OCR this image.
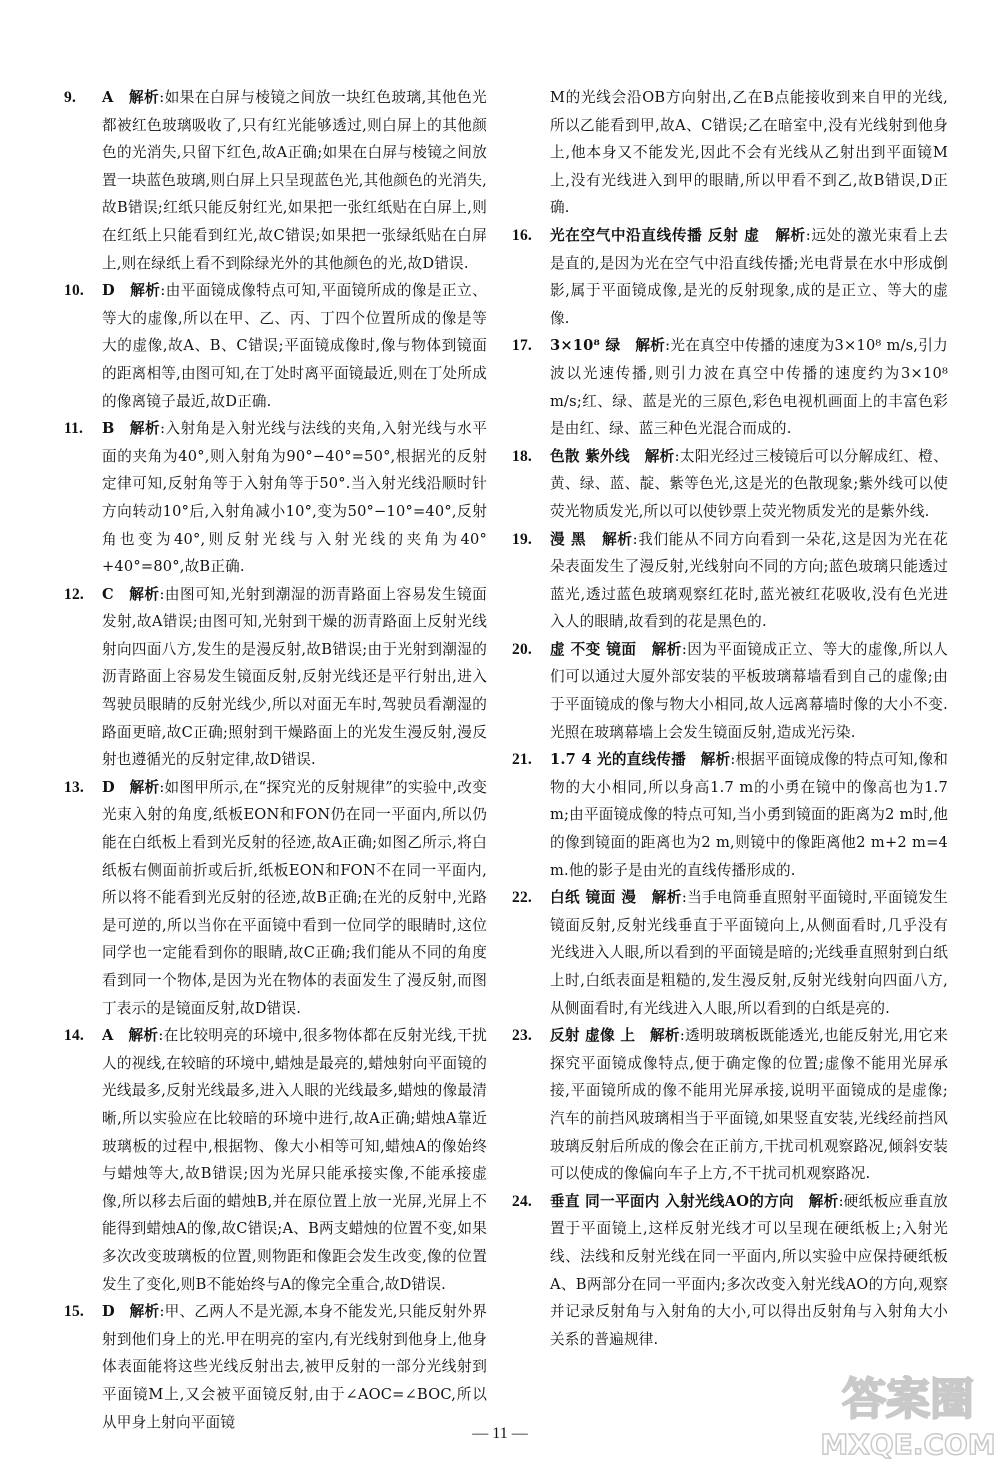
9. A 解析:如果在白屏与棱镜之间放一块红色玻璃,其他色光都被红色玻璃吸收了,只有红光能够透过,则白屏上的其他颜色的光消失,只留下红色,故A正确;如果在白屏与棱镜之间放置一块蓝色玻璃,则白屏上只呈现蓝色光,其他颜色的光消失,故B错误;红纸只能反射红光,如果把一张红纸贴在白屏上,则在红纸上只能看到红光,故C错误;如果把一张绿纸贴在白屏上,则在绿纸上看不到除绿光外的其他颜色的光,故D错误.

10. D 解析:由平面镜成像特点可知,平面镜所成的像是正立、等大的虚像,所以在甲、乙、丙、丁四个位置所成的像是等大的虚像,故A、B、C错误;平面镜成像时,像与物体到镜面的距离相等,由图可知,在丁处时离平面镜最近,则在丁处所成的像离镜子最近,故D正确.

11. B 解析:入射角是入射光线与法线的夹角,入射光线与水平面的夹角为40°,则入射角为90°−40°=50°,根据光的反射定律可知,反射角等于入射角等于50°.当入射光线沿顺时针方向转动10°后,入射角减小10°,变为50°−10°=40°,反射角也变为40°,则反射光线与入射光线的夹角为40°+40°=80°,故B正确.

12. C 解析:由图可知,光射到潮湿的沥青路面上容易发生镜面发射,故A错误;由图可知,光射到干燥的沥青路面上反射光线射向四面八方,发生的是漫反射,故B错误;由于光射到潮湿的沥青路面上容易发生镜面反射,反射光线还是平行射出,进入驾驶员眼睛的反射光线少,所以对面无车时,驾驶员看潮湿的路面更暗,故C正确;照射到干燥路面上的光发生漫反射,漫反射也遵循光的反射定律,故D错误.

13. D 解析:如图甲所示,在“探究光的反射规律”的实验中,改变光束入射的角度,纸板EON和FON仍在同一平面内,所以仍能在白纸板上看到光反射的径迹,故A正确;如图乙所示,将白纸板右侧面前折或后折,纸板EON和FON不在同一平面内,所以将不能看到光反射的径迹,故B正确;在光的反射中,光路是可逆的,所以当你在平面镜中看到一位同学的眼睛时,这位同学也一定能看到你的眼睛,故C正确;我们能从不同的角度看到同一个物体,是因为光在物体的表面发生了漫反射,而图丁表示的是镜面反射,故D错误.

14. A 解析:在比较明亮的环境中,很多物体都在反射光线,干扰人的视线,在较暗的环境中,蜡烛是最亮的,蜡烛射向平面镜的光线最多,反射光线最多,进入人眼的光线最多,蜡烛的像最清晰,所以实验应在比较暗的环境中进行,故A正确;蜡烛A靠近玻璃板的过程中,根据物、像大小相等可知,蜡烛A的像始终与蜡烛等大,故B错误;因为光屏只能承接实像,不能承接虚像,所以移去后面的蜡烛B,并在原位置上放一光屏,光屏上不能得到蜡烛A的像,故C错误;A、B两支蜡烛的位置不变,如果多次改变玻璃板的位置,则物距和像距会发生改变,像的位置发生了变化,则B不能始终与A的像完全重合,故D错误.

15. D 解析:甲、乙两人不是光源,本身不能发光,只能反射外界射到他们身上的光.甲在明亮的室内,有光线射到他身上,他身体表面能将这些光线反射出去,被甲反射的一部分光线射到平面镜M上,又会被平面镜反射,由于∠AOC=∠BOC,所以从甲身上射向平面镜

M的光线会沿OB方向射出,乙在B点能接收到来自甲的光线,所以乙能看到甲,故A、C错误;乙在暗室中,没有光线射到他身上,他本身又不能发光,因此不会有光线从乙射出到平面镜M上,没有光线进入到甲的眼睛,所以甲看不到乙,故B错误,D正确.

16. 光在空气中沿直线传播 反射 虚 解析:远处的激光束看上去是直的,是因为光在空气中沿直线传播;光电背景在水中形成倒影,属于平面镜成像,是光的反射现象,成的是正立、等大的虚像.

17. 3×10⁸ 绿 解析:光在真空中传播的速度为3×10⁸ m/s,引力波以光速传播,则引力波在真空中传播的速度约为3×10⁸ m/s;红、绿、蓝是光的三原色,彩色电视机画面上的丰富色彩是由红、绿、蓝三种色光混合而成的.

18. 色散 紫外线 解析:太阳光经过三棱镜后可以分解成红、橙、黄、绿、蓝、靛、紫等色光,这是光的色散现象;紫外线可以使荧光物质发光,所以可以使钞票上荧光物质发光的是紫外线.

19. 漫 黑 解析:我们能从不同方向看到一朵花,这是因为光在花朵表面发生了漫反射,光线射向不同的方向;蓝色玻璃只能透过蓝光,透过蓝色玻璃观察红花时,蓝光被红花吸收,没有色光进入人的眼睛,故看到的花是黑色的.

20. 虚 不变 镜面 解析:因为平面镜成正立、等大的虚像,所以人们可以通过大厦外部安装的平板玻璃幕墙看到自己的虚像;由于平面镜成的像与物大小相同,故人远离幕墙时像的大小不变.光照在玻璃幕墙上会发生镜面反射,造成光污染.

21. 1.7 4 光的直线传播 解析:根据平面镜成像的特点可知,像和物的大小相同,所以身高1.7 m的小勇在镜中的像高也为1.7 m;由平面镜成像的特点可知,当小勇到镜面的距离为2 m时,他的像到镜面的距离也为2 m,则镜中的像距离他2 m+2 m=4 m.他的影子是由光的直线传播形成的.

22. 白纸 镜面 漫 解析:当手电筒垂直照射平面镜时,平面镜发生镜面反射,反射光线垂直于平面镜向上,从侧面看时,几乎没有光线进入人眼,所以看到的平面镜是暗的;光线垂直照射到白纸上时,白纸表面是粗糙的,发生漫反射,反射光线射向四面八方,从侧面看时,有光线进入人眼,所以看到的白纸是亮的.

23. 反射 虚像 上 解析:透明玻璃板既能透光,也能反射光,用它来探究平面镜成像特点,便于确定像的位置;虚像不能用光屏承接,平面镜所成的像不能用光屏承接,说明平面镜成的是虚像;汽车的前挡风玻璃相当于平面镜,如果竖直安装,光线经前挡风玻璃反射后所成的像会在正前方,干扰司机观察路况,倾斜安装可以使成的像偏向车子上方,不干扰司机观察路况.

24. 垂直 同一平面内 入射光线AO的方向 解析:硬纸板应垂直放置于平面镜上,这样反射光线才可以呈现在硬纸板上;入射光线、法线和反射光线在同一平面内,所以实验中应保持硬纸板A、B两部分在同一平面内;多次改变入射光线AO的方向,观察并记录反射角与入射角的大小,可以得出反射角与入射角大小关系的普遍规律.

— 11 —
答案圈
MXQE.COM
